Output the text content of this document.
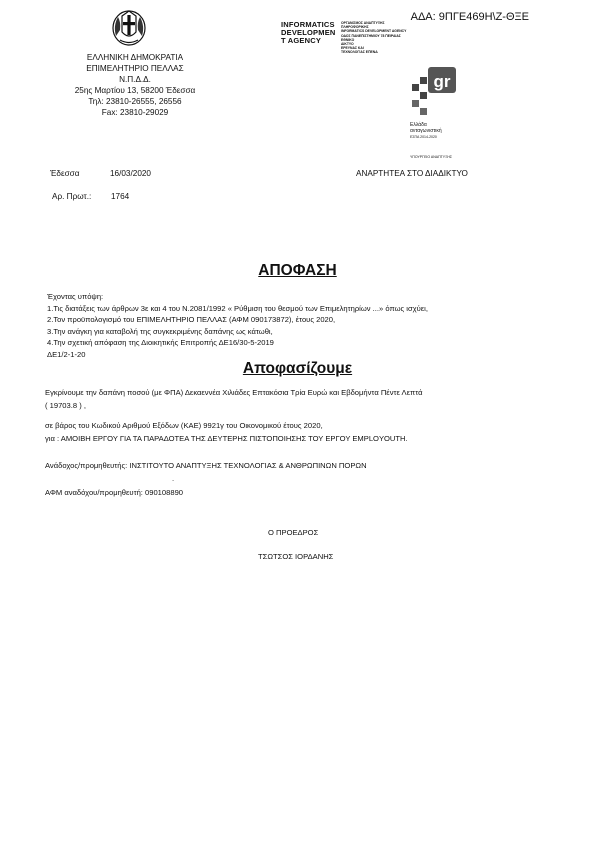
ΕΛΛΗΝΙΚΗ ΔΗΜΟΚΡΑΤΙΑ
ΕΠΙΜΕΛΗΤΗΡΙΟ ΠΕΛΛΑΣ
Ν.Π.Δ.Δ.
25ης Μαρτίου 13, 58200 Έδεσσα
Τηλ: 23810-26555, 26556
Fax: 23810-29029
INFORMATICS
DEVELOPMEN
T AGENCY
ΟΡΓΑΝΙΣΜΟΣ ΑΝΑΠΤΥΞΗΣ
ΠΛΗΡΟΦΟΡΙΚΗΣ
INFORMATICS DEVELOPMENT AGENCY
ΟΔΟΣ ΠΑΝΕΠΙΣΤΗΜΙΟΥ 78 ΠΕΙΡΑΙΑΣ
ΕΘΝΙΚΟ
ΔΙΚΤΥΟ
ΕΡΕΥΝΑΣ ΚΑΙ
ΤΕΧΝΟΛΟΓΙΑΣ ΕΠΕΝΔ
ΑΔΑ: 9ΠΓΕ469Η\Ζ-ΘΞΕ
gr
Ελλάδα
ανταγωνιστική
ΕΣΠΑ 2014-2020
ΥΠΟΥΡΓΕΙΟ ΑΝΑΠΤΥΞΗΣ
Έδεσσα	16/03/2020	ΑΝΑΡΤΗΤΕΑ ΣΤΟ ΔΙΑΔΙΚΤΥΟ
Αρ. Πρωτ.: 1764
ΑΠΟΦΑΣΗ
Έχοντας υπόψη:
1.Τις διατάξεις των άρθρων 3ε και 4 του Ν.2081/1992 « Ρύθμιση του θεσμού των Επιμελητηρίων ...» όπως ισχύει,
2.Τον προϋπολογισμό του ΕΠΙΜΕΛΗΤΗΡΙΟ ΠΕΛΛΑΣ (ΑΦΜ 090173872), έτους 2020,
3.Την ανάγκη για καταβολή της συγκεκριμένης δαπάνης ως κάτωθι,
4.Την σχετική απόφαση της Διοικητικής Επιτροπής ΔΕ16/30-5-2019
ΔΕ1/2-1-20
Αποφασίζουμε
Εγκρίνουμε την δαπάνη ποσού (με ΦΠΑ) Δεκαεννέα Χιλιάδες Επτακόσια Τρία Ευρώ και Εβδομήντα Πέντε Λεπτά
( 19703.8 ) ,
σε βάρος του Κωδικού Αριθμού Εξόδων (ΚΑΕ) 9921γ του Οικονομικού έτους 2020,
για : ΑΜΟΙΒΗ ΕΡΓΟΥ ΓΙΑ ΤΑ ΠΑΡΑΔΟΤΕΑ ΤΗΣ ΔΕΥΤΕΡΗΣ ΠΙΣΤΟΠΟΙΗΣΗΣ ΤΟΥ ΕΡΓΟΥ EMPLOYOUTH.
Ανάδοχος/προμηθευτής: ΙΝΣΤΙΤΟΥΤΟ ΑΝΑΠΤΥΞΗΣ ΤΕΧΝΟΛΟΓΙΑΣ & ΑΝΘΡΩΠΙΝΩΝ ΠΟΡΩΝ
.
ΑΦΜ αναδόχου/προμηθευτή: 090108890
Ο ΠΡΟΕΔΡΟΣ
ΤΣΩΤΣΟΣ ΙΟΡΔΑΝΗΣ
